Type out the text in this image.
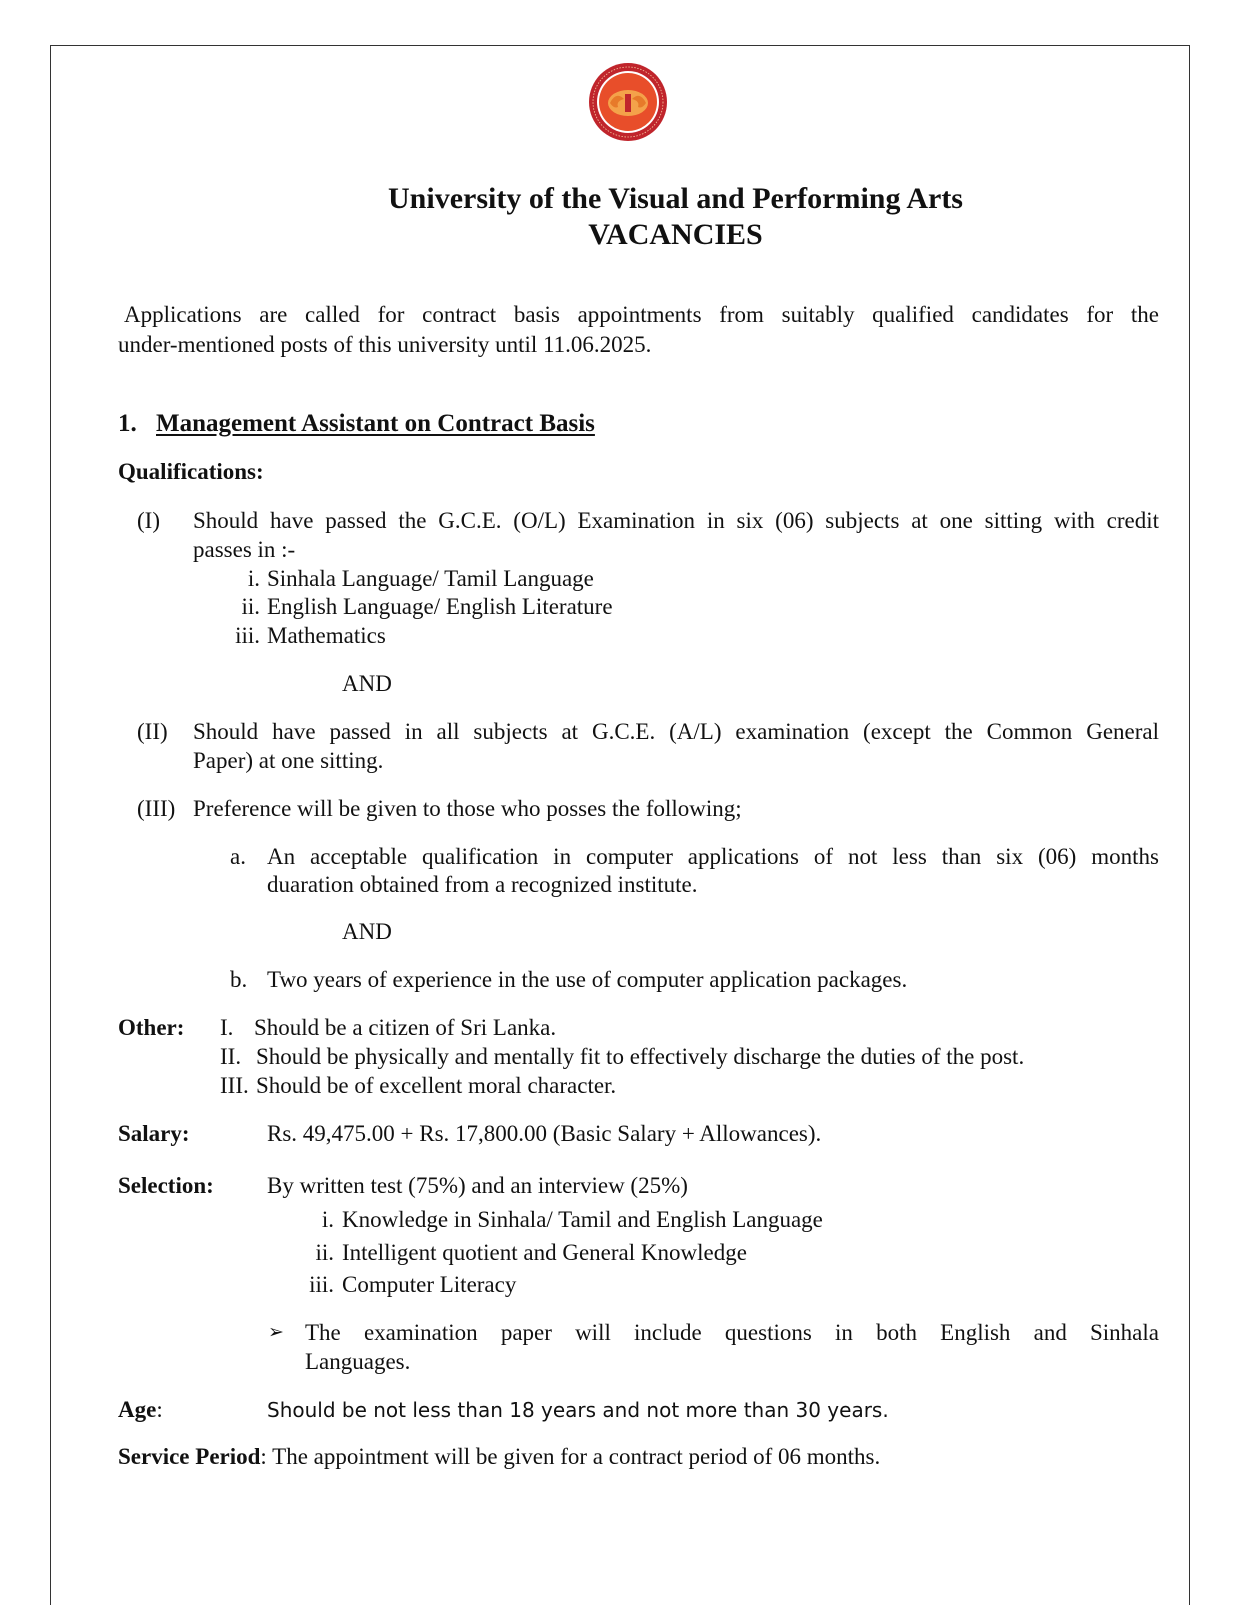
University of the Visual and Performing Arts
VACANCIES
Applications are called for contract basis appointments from suitably qualified candidates for the
under-mentioned posts of this university until 11.06.2025.
1. Management Assistant on Contract Basis
Qualifications:
(I) Should have passed the G.C.E. (O/L) Examination in six (06) subjects at one sitting with credit
passes in :-
i. Sinhala Language/ Tamil Language
ii. English Language/ English Literature
iii. Mathematics
AND
(II) Should have passed in all subjects at G.C.E. (A/L) examination (except the Common General
Paper) at one sitting.
(III) Preference will be given to those who posses the following;
a. An acceptable qualification in computer applications of not less than six (06) months
duaration obtained from a recognized institute.
AND
b. Two years of experience in the use of computer application packages.
Other: I. Should be a citizen of Sri Lanka.
II. Should be physically and mentally fit to effectively discharge the duties of the post.
III. Should be of excellent moral character.
Salary:	Rs. 49,475.00 + Rs. 17,800.00 (Basic Salary + Allowances).
Selection: By written test (75%) and an interview (25%)
i. Knowledge in Sinhala/ Tamil and English Language
ii. Intelligent quotient and General Knowledge
iii. Computer Literacy
➢ The examination paper will include questions in both English and Sinhala
Languages.
Age:	Should be not less than 18 years and not more than 30 years.
Service Period: The appointment will be given for a contract period of 06 months.
